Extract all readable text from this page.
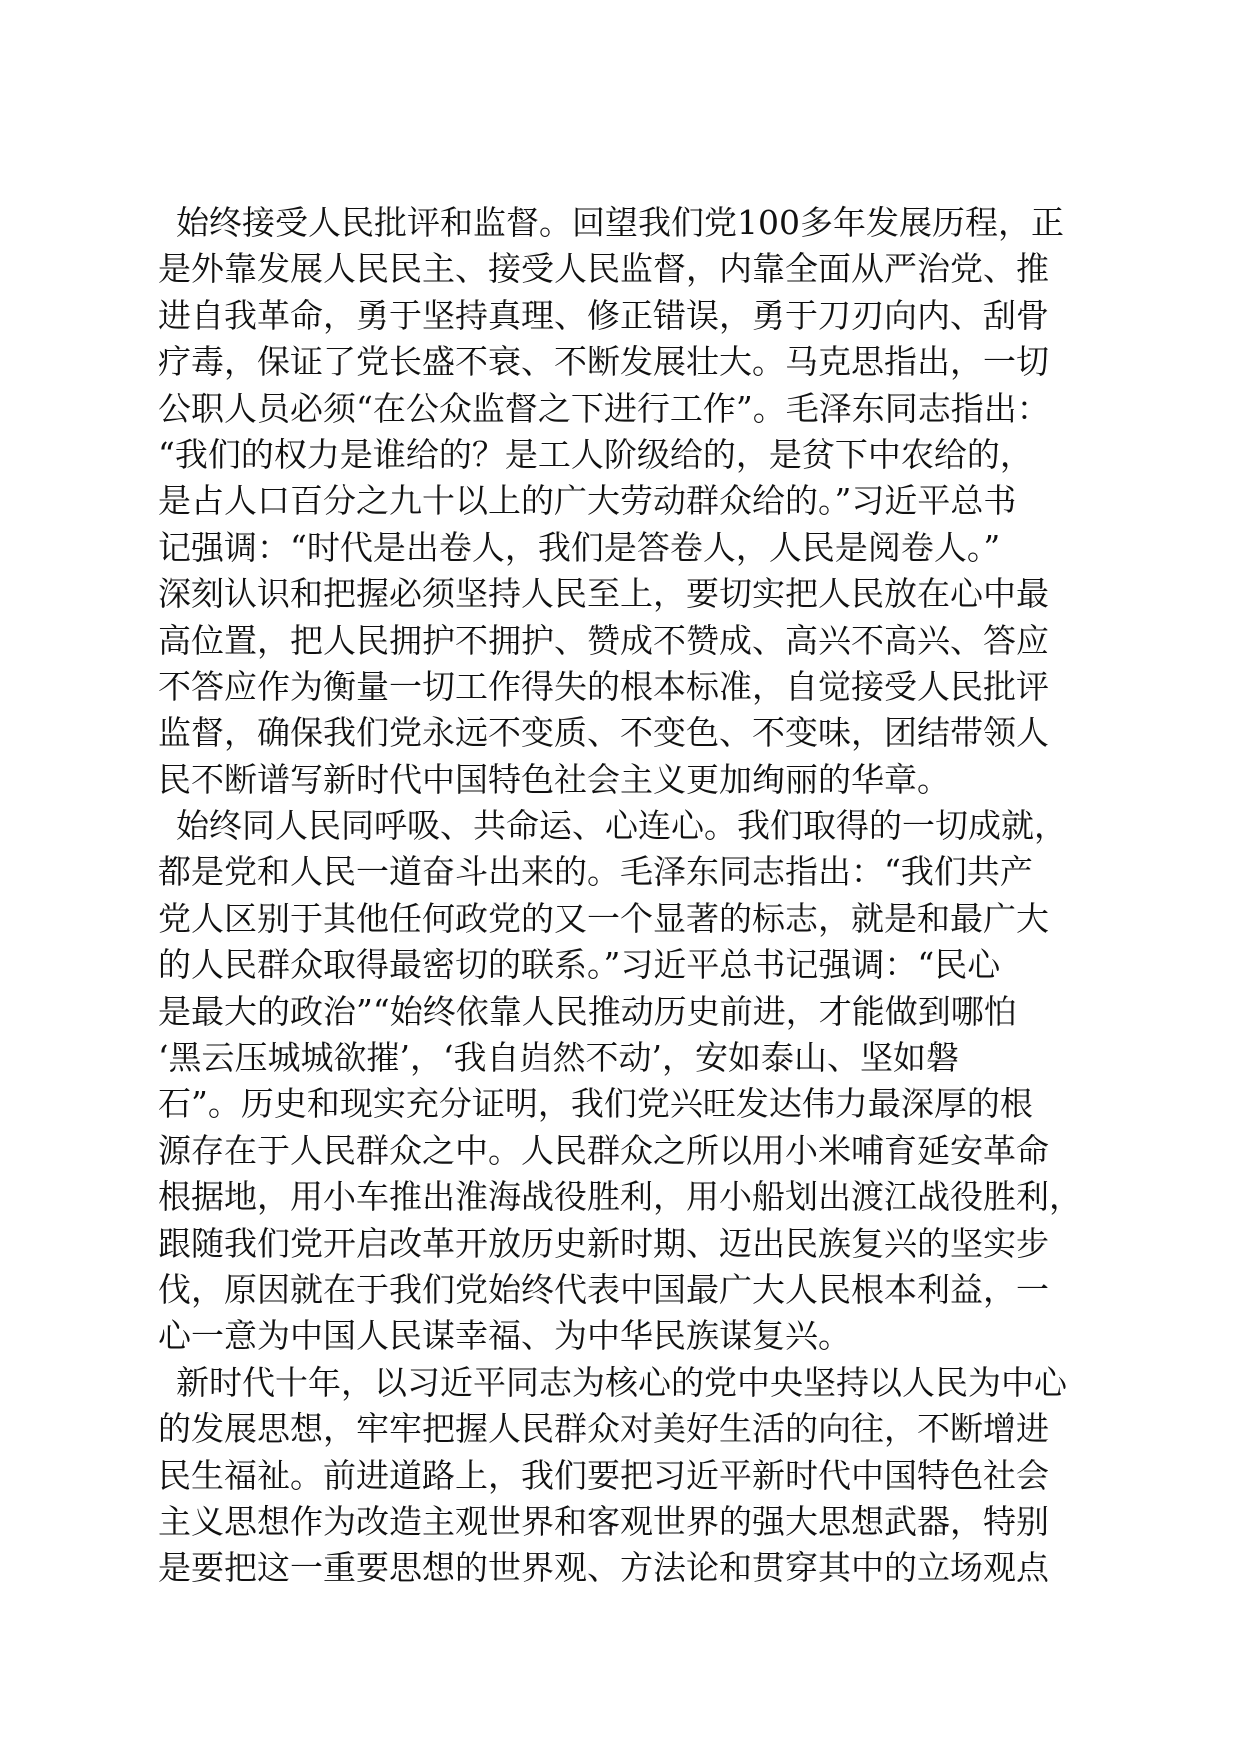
始终接受人民批评和监督。回望我们党100多年发展历程，正
是外靠发展人民民主、接受人民监督，内靠全面从严治党、推
进自我革命，勇于坚持真理、修正错误，勇于刀刃向内、刮骨
疗毒，保证了党长盛不衰、不断发展壮大。马克思指出，一切
公职人员必须“在公众监督之下进行工作”。毛泽东同志指出：
“我们的权力是谁给的？是工人阶级给的，是贫下中农给的，
是占人口百分之九十以上的广大劳动群众给的。”习近平总书
记强调：“时代是出卷人，我们是答卷人，人民是阅卷人。”
深刻认识和把握必须坚持人民至上，要切实把人民放在心中最
高位置，把人民拥护不拥护、赞成不赞成、高兴不高兴、答应
不答应作为衡量一切工作得失的根本标准，自觉接受人民批评
监督，确保我们党永远不变质、不变色、不变味，团结带领人
民不断谱写新时代中国特色社会主义更加绚丽的华章。
始终同人民同呼吸、共命运、心连心。我们取得的一切成就，
都是党和人民一道奋斗出来的。毛泽东同志指出：“我们共产
党人区别于其他任何政党的又一个显著的标志，就是和最广大
的人民群众取得最密切的联系。”习近平总书记强调：“民心
是最大的政治”“始终依靠人民推动历史前进，才能做到哪怕
‘黑云压城城欲摧’，‘我自岿然不动’，安如泰山、坚如磐
石”。历史和现实充分证明，我们党兴旺发达伟力最深厚的根
源存在于人民群众之中。人民群众之所以用小米哺育延安革命
根据地，用小车推出淮海战役胜利，用小船划出渡江战役胜利，
跟随我们党开启改革开放历史新时期、迈出民族复兴的坚实步
伐，原因就在于我们党始终代表中国最广大人民根本利益，一
心一意为中国人民谋幸福、为中华民族谋复兴。
新时代十年，以习近平同志为核心的党中央坚持以人民为中心
的发展思想，牢牢把握人民群众对美好生活的向往，不断增进
民生福祉。前进道路上，我们要把习近平新时代中国特色社会
主义思想作为改造主观世界和客观世界的强大思想武器，特别
是要把这一重要思想的世界观、方法论和贯穿其中的立场观点
